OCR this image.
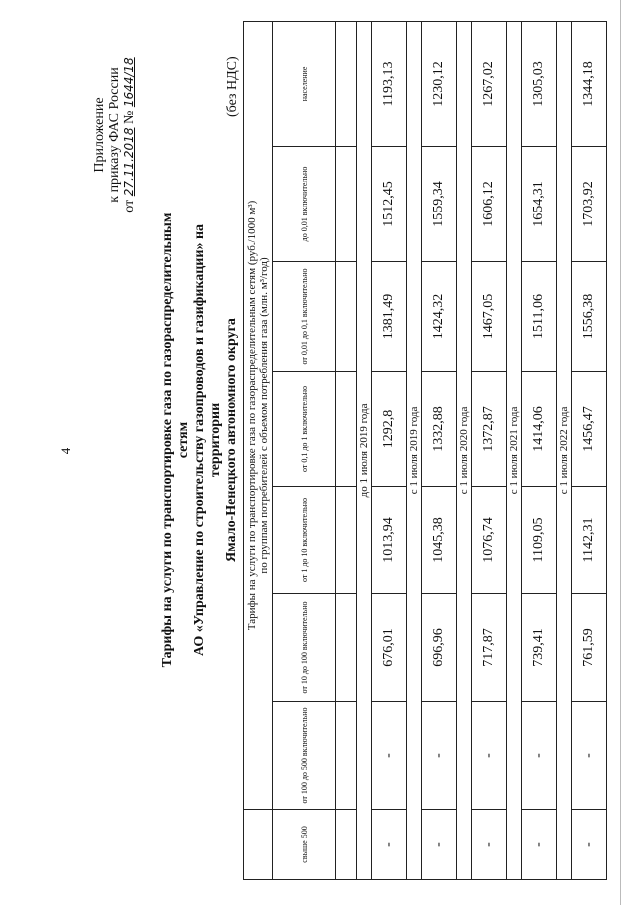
4
Приложение к приказу ФАС России
от 27.11.2018 № 1644/18
Тарифы на услуги по транспортировке газа по газораспределительным сетям АО «Управление по строительству газопроводов и газификации» на территории Ямало-Ненецкого автономного округа
(без НДС)

	Тарифы на услуги по транспортировке газа по газораспределительным сетям (руб./1000 м³) по группам потребителей с объемом потребления газа (млн. м³/год)						

свыше 500	от 100 до 500 включительно	от 10 до 100 включительно	от 1 до 10 включительно	от 0,1 до 1 включительно	от 0,01 до 0,1 включительно	до 0,01 включительно	население

до 1 июля 2019 года							
-	-	676,01	1013,94	1292,8	1381,49	1512,45	1193,13
с 1 июля 2019 года							
-	-	696,96	1045,38	1332,88	1424,32	1559,34	1230,12
с 1 июля 2020 года							
-	-	717,87	1076,74	1372,87	1467,05	1606,12	1267,02
с 1 июля 2021 года							
-	-	739,41	1109,05	1414,06	1511,06	1654,31	1305,03
с 1 июля 2022 года							
-	-	761,59	1142,31	1456,47	1556,38	1703,92	1344,18
